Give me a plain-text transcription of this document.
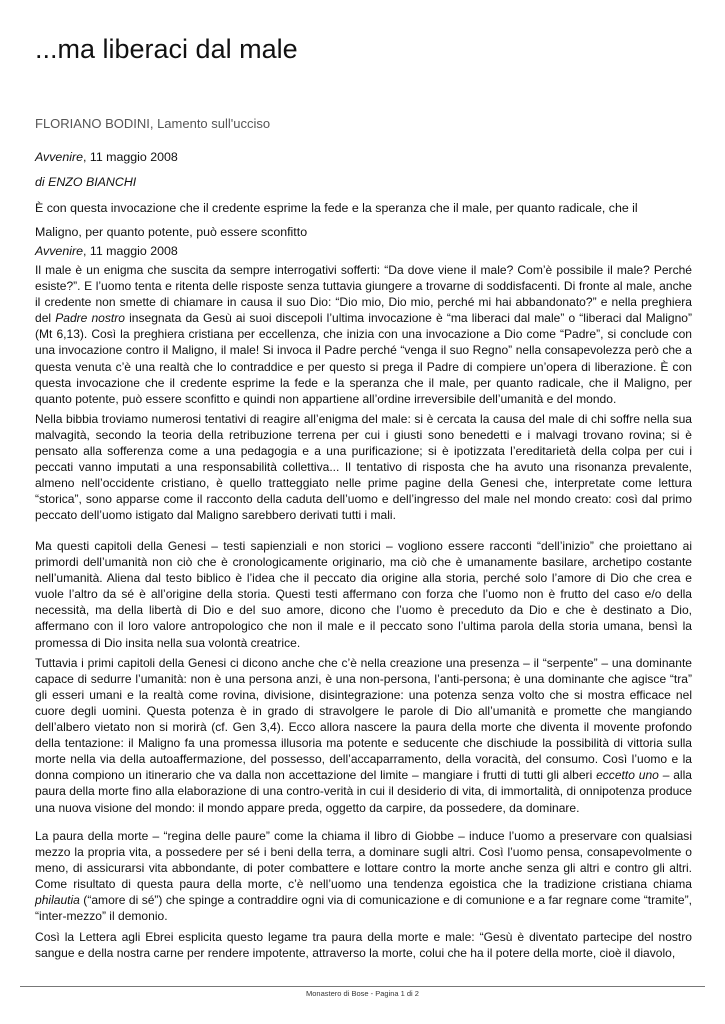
...ma liberaci dal male
FLORIANO BODINI, Lamento sull'ucciso
Avvenire, 11 maggio 2008
di ENZO BIANCHI
È con questa invocazione che il credente esprime la fede e la speranza che il male, per quanto radicale, che il
Maligno, per quanto potente, può essere sconfitto
Avvenire, 11 maggio 2008

Il male è un enigma che suscita da sempre interrogativi sofferti: “Da dove viene il male? Com’è possibile il male? Perché esiste?”. E l’uomo tenta e ritenta delle risposte senza tuttavia giungere a trovarne di soddisfacenti. Di fronte al male, anche il credente non smette di chiamare in causa il suo Dio: “Dio mio, Dio mio, perché mi hai abbandonato?” e nella preghiera del Padre nostro insegnata da Gesù ai suoi discepoli l’ultima invocazione è “ma liberaci dal male” o “liberaci dal Maligno” (Mt 6,13). Così la preghiera cristiana per eccellenza, che inizia con una invocazione a Dio come “Padre”, si conclude con una invocazione contro il Maligno, il male! Si invoca il Padre perché “venga il suo Regno” nella consapevolezza però che a questa venuta c’è una realtà che lo contraddice e per questo si prega il Padre di compiere un’opera di liberazione. È con questa invocazione che il credente esprime la fede e la speranza che il male, per quanto radicale, che il Maligno, per quanto potente, può essere sconfitto e quindi non appartiene all’ordine irreversibile dell’umanità e del mondo.

Nella bibbia troviamo numerosi tentativi di reagire all’enigma del male: si è cercata la causa del male di chi soffre nella sua malvagità, secondo la teoria della retribuzione terrena per cui i giusti sono benedetti e i malvagi trovano rovina; si è pensato alla sofferenza come a una pedagogia e a una purificazione; si è ipotizzata l’ereditarietà della colpa per cui i peccati vanno imputati a una responsabilità collettiva... Il tentativo di risposta che ha avuto una risonanza prevalente, almeno nell’occidente cristiano, è quello tratteggiato nelle prime pagine della Genesi che, interpretate come lettura “storica”, sono apparse come il racconto della caduta dell’uomo e dell’ingresso del male nel mondo creato: così dal primo peccato dell’uomo istigato dal Maligno sarebbero derivati tutti i mali.

Ma questi capitoli della Genesi – testi sapienziali e non storici – vogliono essere racconti “dell’inizio” che proiettano ai primordi dell’umanità non ciò che è cronologicamente originario, ma ciò che è umanamente basilare, archetipo costante nell’umanità. Aliena dal testo biblico è l’idea che il peccato dia origine alla storia, perché solo l’amore di Dio che crea e vuole l’altro da sé è all’origine della storia. Questi testi affermano con forza che l’uomo non è frutto del caso e/o della necessità, ma della libertà di Dio e del suo amore, dicono che l’uomo è preceduto da Dio e che è destinato a Dio, affermano con il loro valore antropologico che non il male e il peccato sono l’ultima parola della storia umana, bensì la promessa di Dio insita nella sua volontà creatrice.

Tuttavia i primi capitoli della Genesi ci dicono anche che c’è nella creazione una presenza – il “serpente” – una dominante capace di sedurre l’umanità: non è una persona anzi, è una non-persona, l’anti-persona; è una dominante che agisce “tra” gli esseri umani e la realtà come rovina, divisione, disintegrazione: una potenza senza volto che si mostra efficace nel cuore degli uomini. Questa potenza è in grado di stravolgere le parole di Dio all’umanità e promette che mangiando dell’albero vietato non si morirà (cf. Gen 3,4). Ecco allora nascere la paura della morte che diventa il movente profondo della tentazione: il Maligno fa una promessa illusoria ma potente e seducente che dischiude la possibilità di vittoria sulla morte nella via della autoaffermazione, del possesso, dell’accaparramento, della voracità, del consumo. Così l’uomo e la donna compiono un itinerario che va dalla non accettazione del limite – mangiare i frutti di tutti gli alberi eccetto uno – alla paura della morte fino alla elaborazione di una contro-verità in cui il desiderio di vita, di immortalità, di onnipotenza produce una nuova visione del mondo: il mondo appare preda, oggetto da carpire, da possedere, da dominare.

La paura della morte – “regina delle paure” come la chiama il libro di Giobbe – induce l’uomo a preservare con qualsiasi mezzo la propria vita, a possedere per sé i beni della terra, a dominare sugli altri. Così l’uomo pensa, consapevolmente o meno, di assicurarsi vita abbondante, di poter combattere e lottare contro la morte anche senza gli altri e contro gli altri. Come risultato di questa paura della morte, c’è nell’uomo una tendenza egoistica che la tradizione cristiana chiama philautia (“amore di sé”) che spinge a contraddire ogni via di comunicazione e di comunione e a far regnare come “tramite”, “inter-mezzo” il demonio.

Così la Lettera agli Ebrei esplicita questo legame tra paura della morte e male: “Gesù è diventato partecipe del nostro sangue e della nostra carne per rendere impotente, attraverso la morte, colui che ha il potere della morte, cioè il diavolo,

Monastero di Bose - Pagina 1 di 2
